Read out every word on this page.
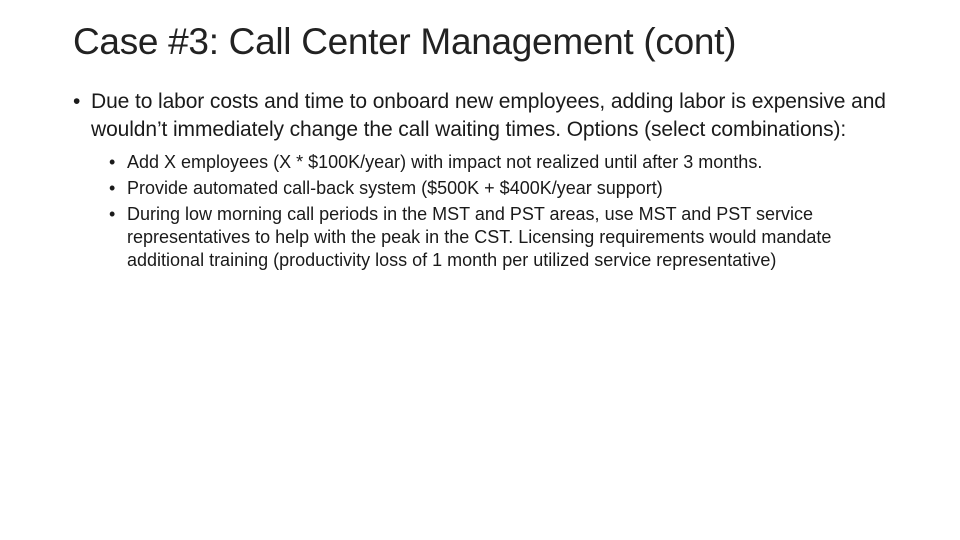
Case #3: Call Center Management (cont)
• Due to labor costs and time to onboard new employees, adding labor is expensive and wouldn’t immediately change the call waiting times. Options (select combinations):
• Add X employees (X * $100K/year) with impact not realized until after 3 months.
• Provide automated call-back system ($500K + $400K/year support)
• During low morning call periods in the MST and PST areas, use MST and PST service representatives to help with the peak in the CST. Licensing requirements would mandate additional training (productivity loss of 1 month per utilized service representative)
